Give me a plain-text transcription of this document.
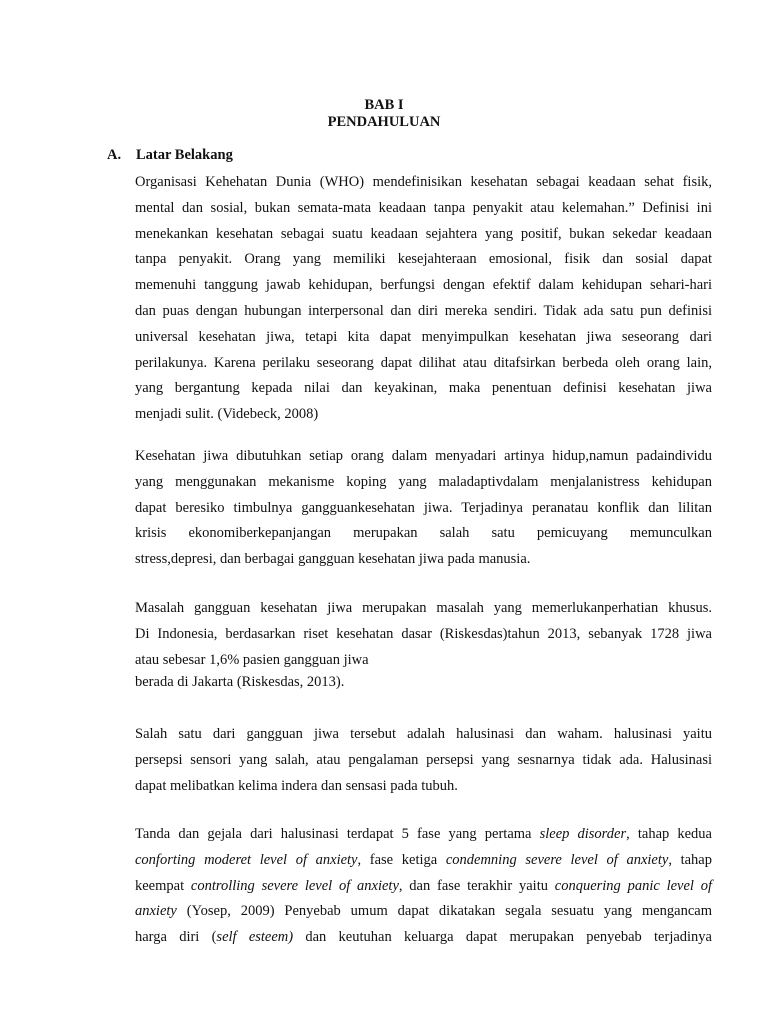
BAB I
PENDAHULUAN
A. Latar Belakang
Organisasi Kehehatan Dunia (WHO) mendefinisikan kesehatan sebagai keadaan sehat fisik,
mental dan sosial, bukan semata-mata keadaan tanpa penyakit atau kelemahan.” Definisi ini
menekankan kesehatan sebagai suatu keadaan sejahtera yang positif, bukan sekedar keadaan
tanpa penyakit. Orang yang memiliki kesejahteraan emosional, fisik dan sosial dapat
memenuhi tanggung jawab kehidupan, berfungsi dengan efektif dalam kehidupan sehari-hari
dan puas dengan hubungan interpersonal dan diri mereka sendiri. Tidak ada satu pun definisi
universal kesehatan jiwa, tetapi kita dapat menyimpulkan kesehatan jiwa seseorang dari
perilakunya. Karena perilaku seseorang dapat dilihat atau ditafsirkan berbeda oleh orang lain,
yang bergantung kepada nilai dan keyakinan, maka penentuan definisi kesehatan jiwa
menjadi sulit. (Videbeck, 2008)
Kesehatan jiwa dibutuhkan setiap orang dalam menyadari artinya hidup,namun padaindividu
yang menggunakan mekanisme koping yang maladaptivdalam menjalanistress kehidupan
dapat beresiko timbulnya gangguankesehatan jiwa. Terjadinya peranatau konflik dan lilitan
krisis ekonomiberkepanjangan merupakan salah satu pemicuyang memunculkan
stress,depresi, dan berbagai gangguan kesehatan jiwa pada manusia.
Masalah gangguan kesehatan jiwa merupakan masalah yang memerlukanperhatian khusus.
Di Indonesia, berdasarkan riset kesehatan dasar (Riskesdas)tahun 2013, sebanyak 1728 jiwa
atau sebesar 1,6% pasien gangguan jiwa
berada di Jakarta (Riskesdas, 2013).
Salah satu dari gangguan jiwa tersebut adalah halusinasi dan waham. halusinasi yaitu
persepsi sensori yang salah, atau pengalaman persepsi yang sesnarnya tidak ada. Halusinasi
dapat melibatkan kelima indera dan sensasi pada tubuh.
Tanda dan gejala dari halusinasi terdapat 5 fase yang pertama sleep disorder, tahap kedua
conforting moderet level of anxiety, fase ketiga condemning severe level of anxiety, tahap
keempat controlling severe level of anxiety, dan fase terakhir yaitu conquering panic level of
anxiety (Yosep, 2009) Penyebab umum dapat dikatakan segala sesuatu yang mengancam
harga diri (self esteem) dan keutuhan keluarga dapat merupakan penyebab terjadinya
